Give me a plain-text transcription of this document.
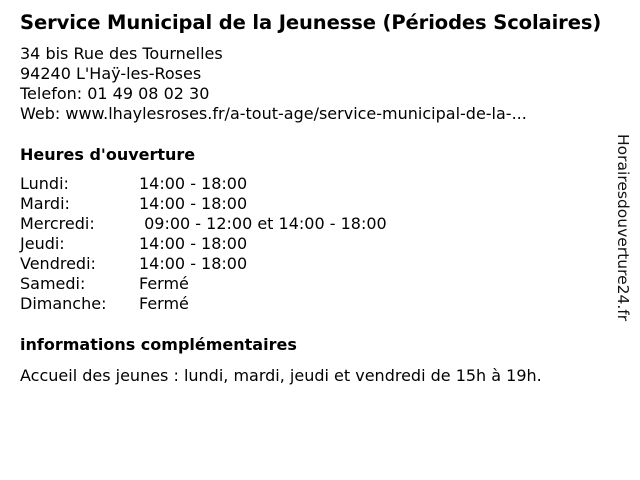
Service Municipal de la Jeunesse (Périodes Scolaires)
34 bis Rue des Tournelles
94240 L'Haÿ-les-Roses
Telefon: 01 49 08 02 30
Web: www.lhaylesroses.fr/a-tout-age/service-municipal-de-la-...
Heures d'ouverture
Lundi:	14:00 - 18:00
Mardi:	14:00 - 18:00
Mercredi:	09:00 - 12:00 et 14:00 - 18:00
Jeudi:	14:00 - 18:00
Vendredi:	14:00 - 18:00
Samedi:	Fermé
Dimanche: Fermé
informations complémentaires
Accueil des jeunes : lundi, mardi, jeudi et vendredi de 15h à 19h.
Horairesdouverture24.fr
